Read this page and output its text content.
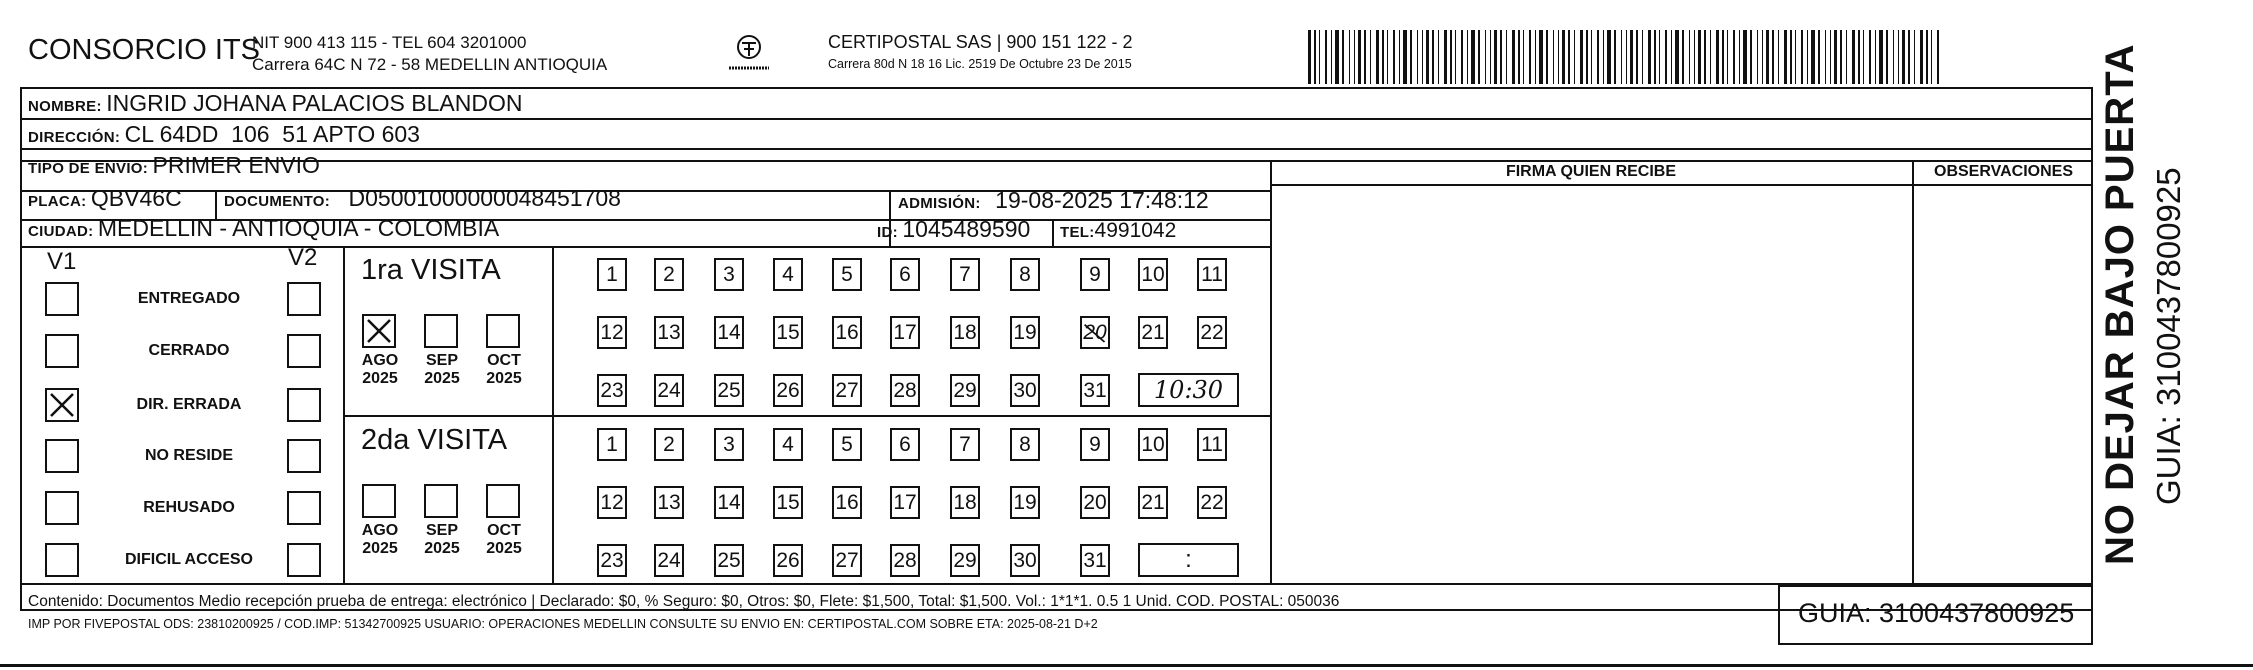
CONSORCIO ITS
NIT 900 413 115 - TEL 604 3201000
Carrera 64C N 72 - 58 MEDELLIN ANTIOQUIA
CERTIPOSTAL SAS | 900 151 122 - 2
Carrera 80d N 18 16 Lic. 2519 De Octubre 23 De 2015
NOMBRE: INGRID JOHANA PALACIOS BLANDON
DIRECCIÓN: CL 64DD  106  51 APTO 603
TIPO DE ENVIO: PRIMER ENVIO
PLACA: QBV46C	DOCUMENTO: D05001000000048451708	ADMISIÓN: 19-08-2025 17:48:12
CIUDAD: MEDELLIN - ANTIOQUIA - COLOMBIA	ID: 1045489590 TEL:4991042
FIRMA QUIEN RECIBE	OBSERVACIONES
V1	V2
ENTREGADO
CERRADO
DIR. ERRADA
NO RESIDE
REHUSADO
DIFICIL ACCESO
1ra VISITA
AGO
2025
SEP
2025
OCT
2025
1	2	3	4	5	6	7	8	9	10 11
12 13 14 15 16 17 18 19 20 21 22
23 24 25 26 27 28 29 30 31	10:30
2da VISITA
AGO
2025
SEP
2025
OCT
2025
1	2	3	4	5	6	7	8	9	10 11
12 13 14 15 16 17 18 19 20 21 22
23 24 25 26 27 28 29 30 31	:
Contenido: Documentos Medio recepción prueba de entrega: electrónico | Declarado: $0, % Seguro: $0, Otros: $0, Flete: $1,500, Total: $1,500. Vol.: 1*1*1. 0.5 1 Unid. COD. POSTAL: 050036
IMP POR FIVEPOSTAL ODS: 23810200925 / COD.IMP: 51342700925 USUARIO: OPERACIONES MEDELLIN CONSULTE SU ENVIO EN: CERTIPOSTAL.COM SOBRE ETA: 2025-08-21 D+2	GUIA: 3100437800925
NO DEJAR BAJO PUERTA GUIA: 3100437800925
